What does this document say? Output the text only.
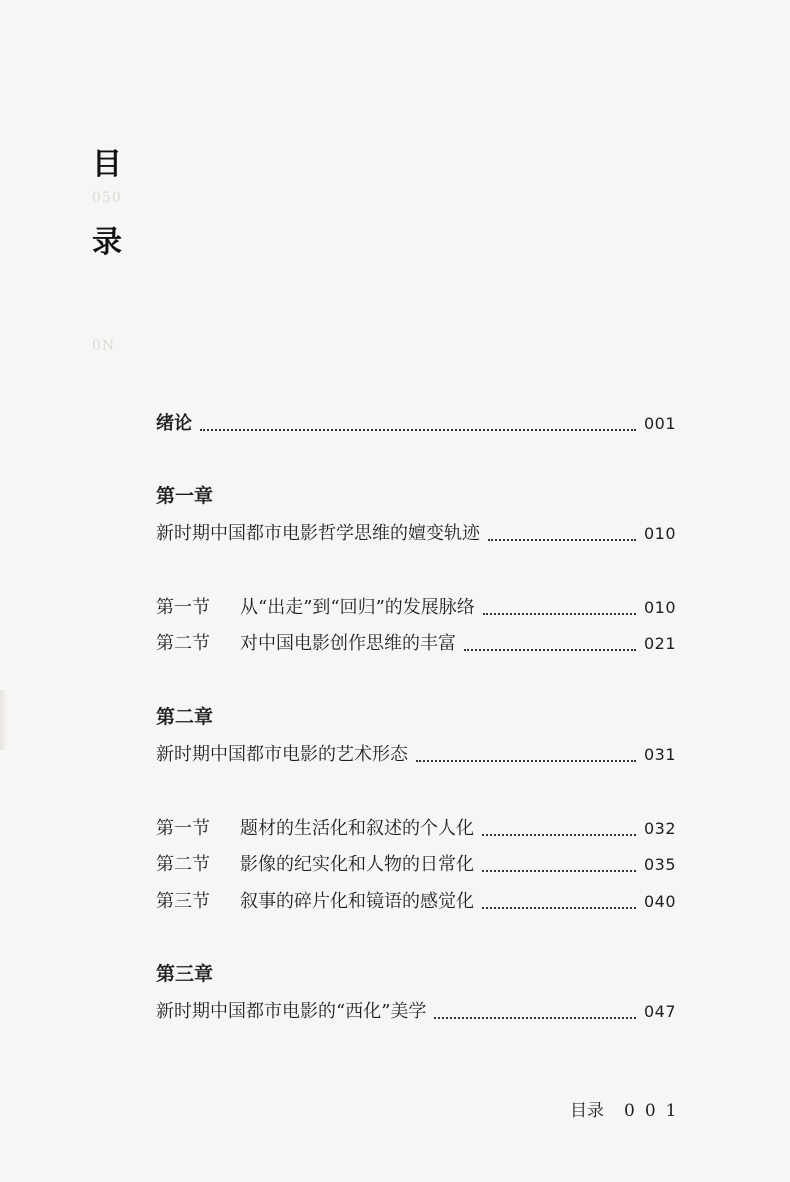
目
050
录
0N
绪论	001
第一章
新时期中国都市电影哲学思维的嬗变轨迹	010
第一节	从“出走”到“回归”的发展脉络	010
第二节	对中国电影创作思维的丰富	021
第二章
新时期中国都市电影的艺术形态	031
第一节	题材的生活化和叙述的个人化	032
第二节	影像的纪实化和人物的日常化	035
第三节	叙事的碎片化和镜语的感觉化	040
第三章
新时期中国都市电影的“西化”美学	047
目录 001
